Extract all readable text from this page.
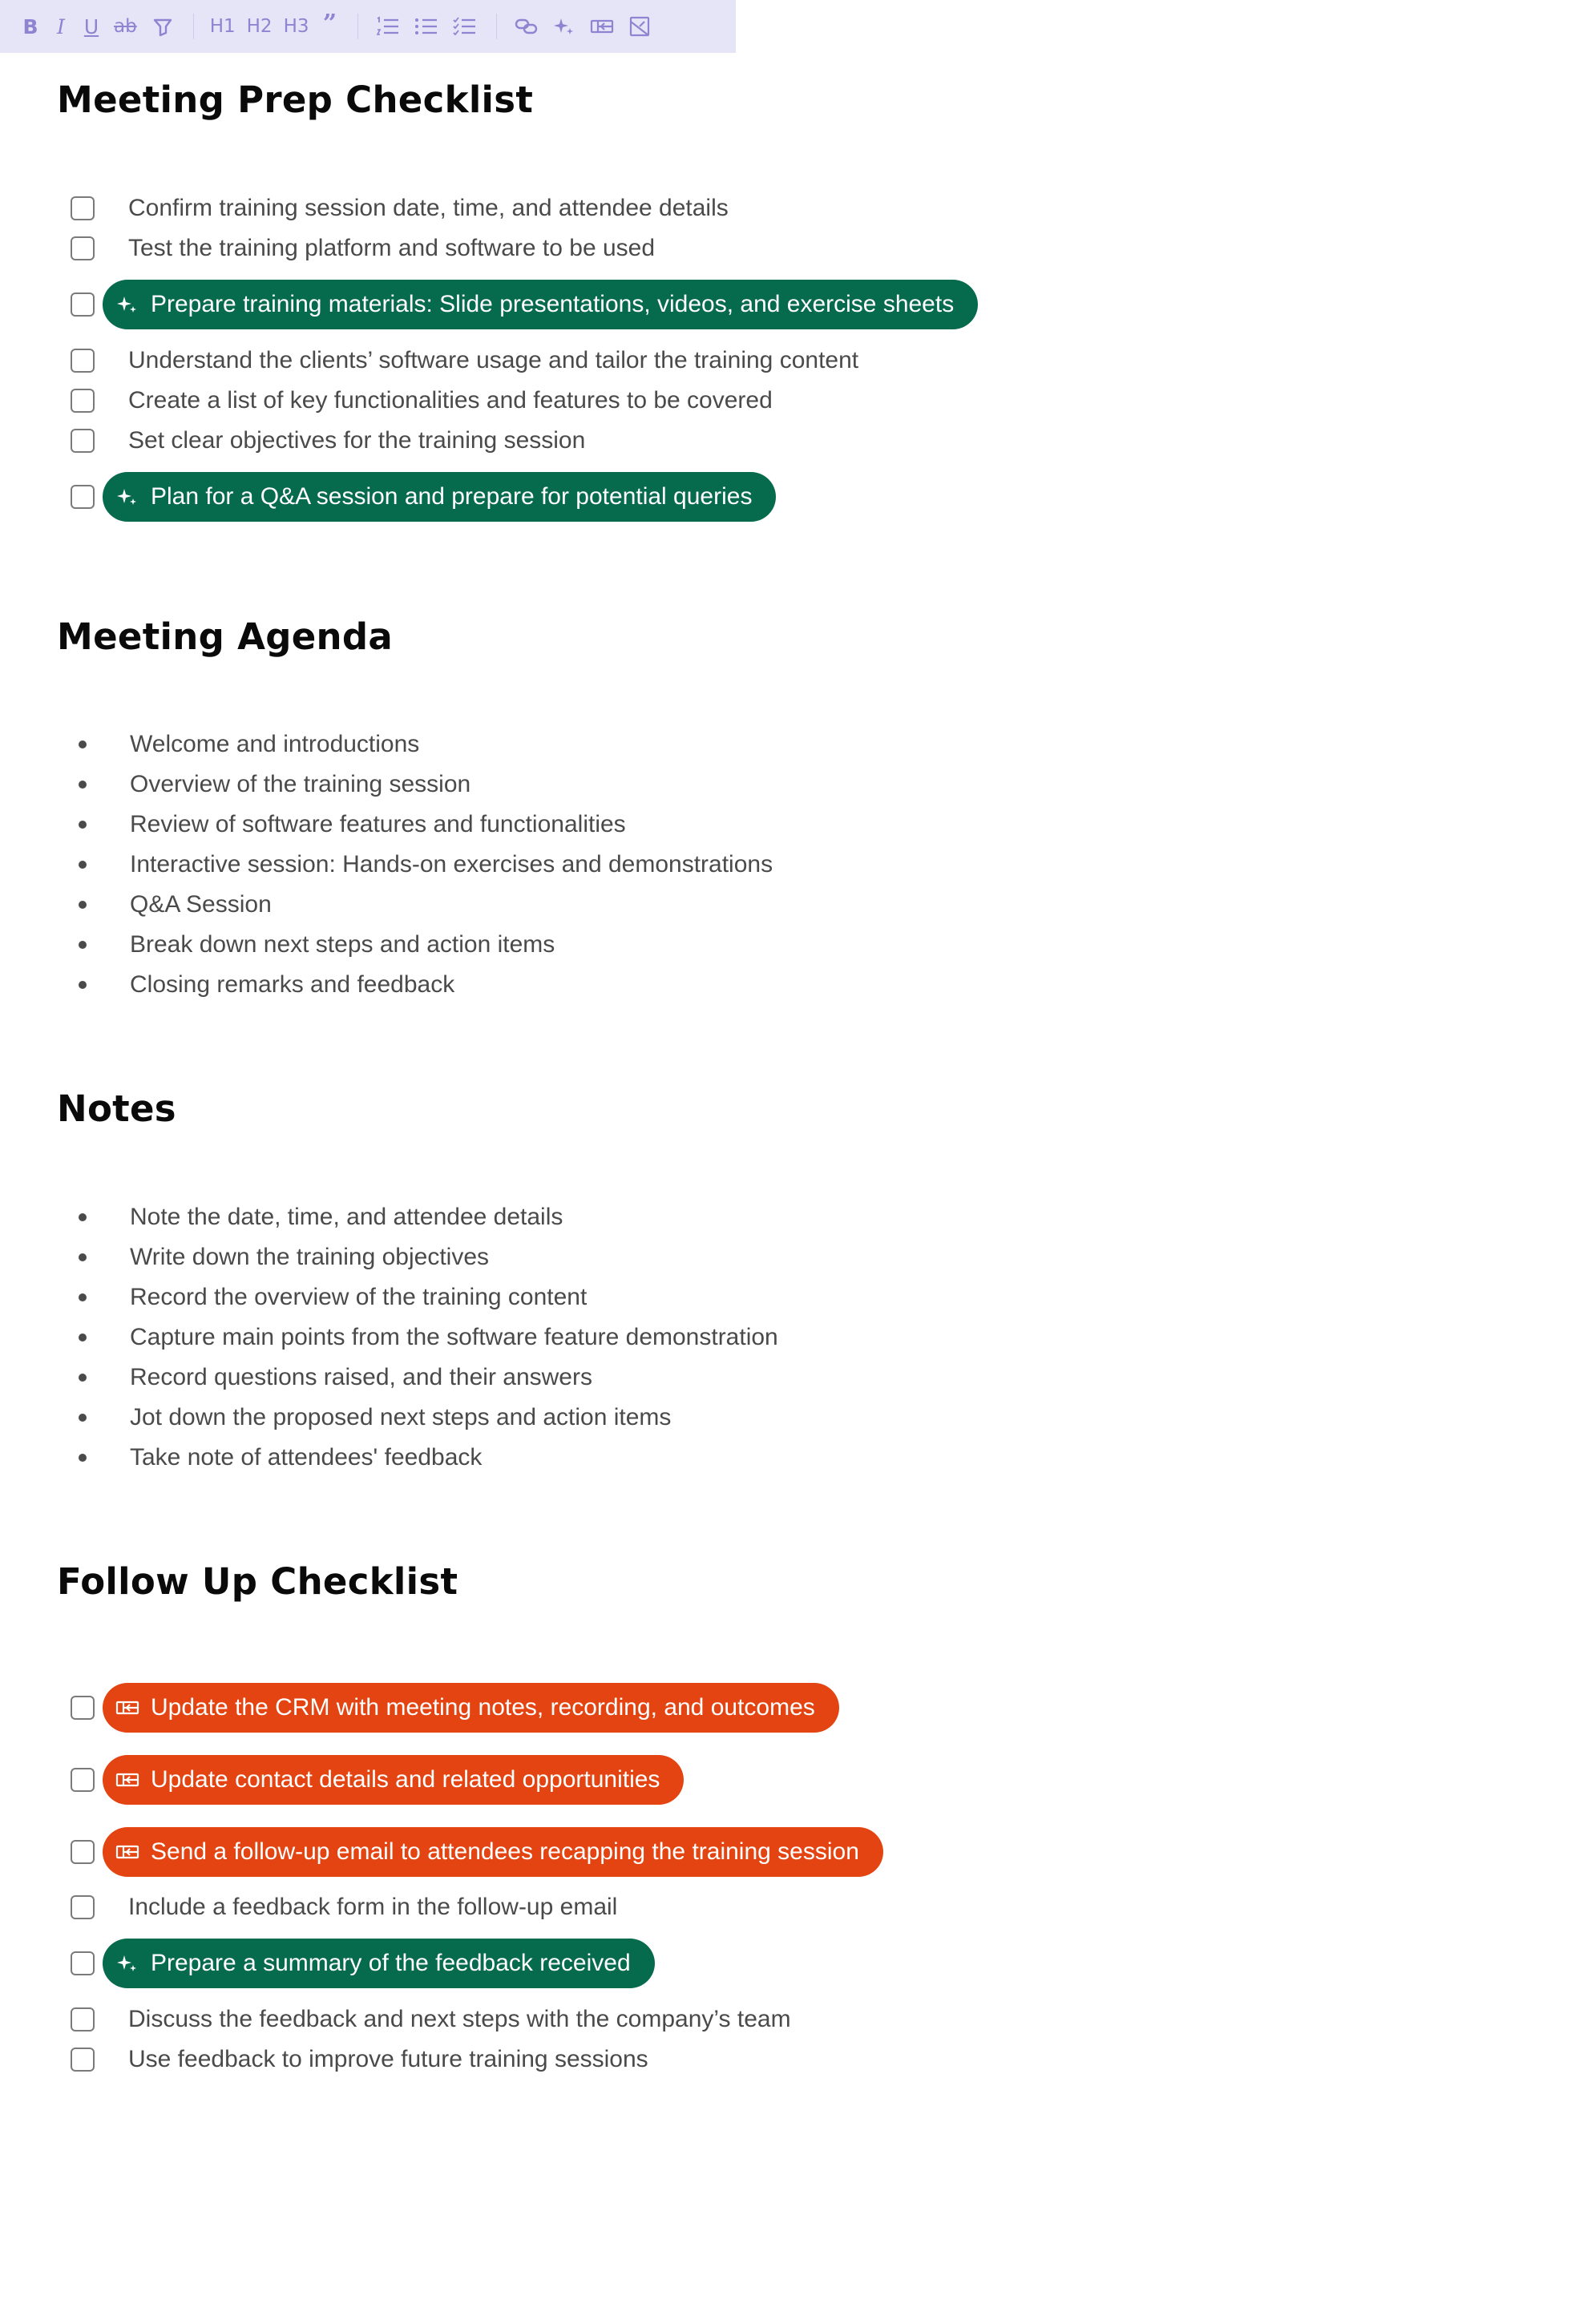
B I U ab	H1 H2 H3 ”
Meeting Prep Checklist
Confirm training session date, time, and attendee details
Test the training platform and software to be used
Prepare training materials: Slide presentations, videos, and exercise sheets
Understand the clients’ software usage and tailor the training content
Create a list of key functionalities and features to be covered
Set clear objectives for the training session
Plan for a Q&A session and prepare for potential queries
Meeting Agenda
Welcome and introductions
Overview of the training session
Review of software features and functionalities
Interactive session: Hands-on exercises and demonstrations
Q&A Session
Break down next steps and action items
Closing remarks and feedback
Notes
Note the date, time, and attendee details
Write down the training objectives
Record the overview of the training content
Capture main points from the software feature demonstration
Record questions raised, and their answers
Jot down the proposed next steps and action items
Take note of attendees' feedback
Follow Up Checklist
Update the CRM with meeting notes, recording, and outcomes
Update contact details and related opportunities
Send a follow-up email to attendees recapping the training session
Include a feedback form in the follow-up email
Prepare a summary of the feedback received
Discuss the feedback and next steps with the company’s team
Use feedback to improve future training sessions
